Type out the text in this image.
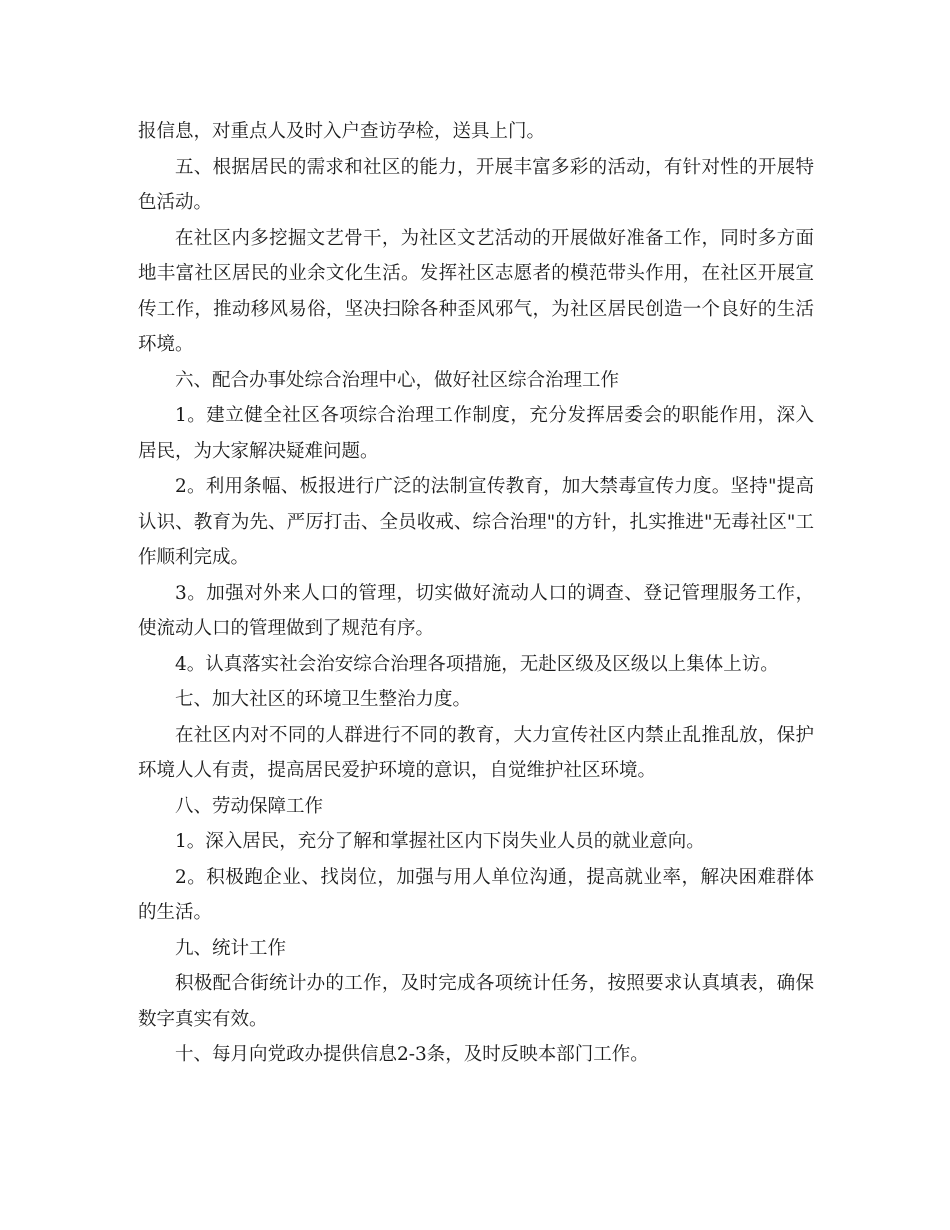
报信息，对重点人及时入户查访孕检，送具上门。

五、根据居民的需求和社区的能力，开展丰富多彩的活动，有针对性的开展特色活动。

在社区内多挖掘文艺骨干，为社区文艺活动的开展做好准备工作，同时多方面地丰富社区居民的业余文化生活。发挥社区志愿者的模范带头作用，在社区开展宣传工作，推动移风易俗，坚决扫除各种歪风邪气，为社区居民创造一个良好的生活环境。

六、配合办事处综合治理中心，做好社区综合治理工作

1。建立健全社区各项综合治理工作制度，充分发挥居委会的职能作用，深入居民，为大家解决疑难问题。

2。利用条幅、板报进行广泛的法制宣传教育，加大禁毒宣传力度。坚持"提高认识、教育为先、严厉打击、全员收戒、综合治理"的方针，扎实推进"无毒社区"工作顺利完成。

3。加强对外来人口的管理，切实做好流动人口的调查、登记管理服务工作，使流动人口的管理做到了规范有序。

4。认真落实社会治安综合治理各项措施，无赴区级及区级以上集体上访。

七、加大社区的环境卫生整治力度。

在社区内对不同的人群进行不同的教育，大力宣传社区内禁止乱推乱放，保护环境人人有责，提高居民爱护环境的意识，自觉维护社区环境。

八、劳动保障工作

1。深入居民，充分了解和掌握社区内下岗失业人员的就业意向。

2。积极跑企业、找岗位，加强与用人单位沟通，提高就业率，解决困难群体的生活。

九、统计工作

积极配合街统计办的工作，及时完成各项统计任务，按照要求认真填表，确保数字真实有效。

十、每月向党政办提供信息2-3条，及时反映本部门工作。
